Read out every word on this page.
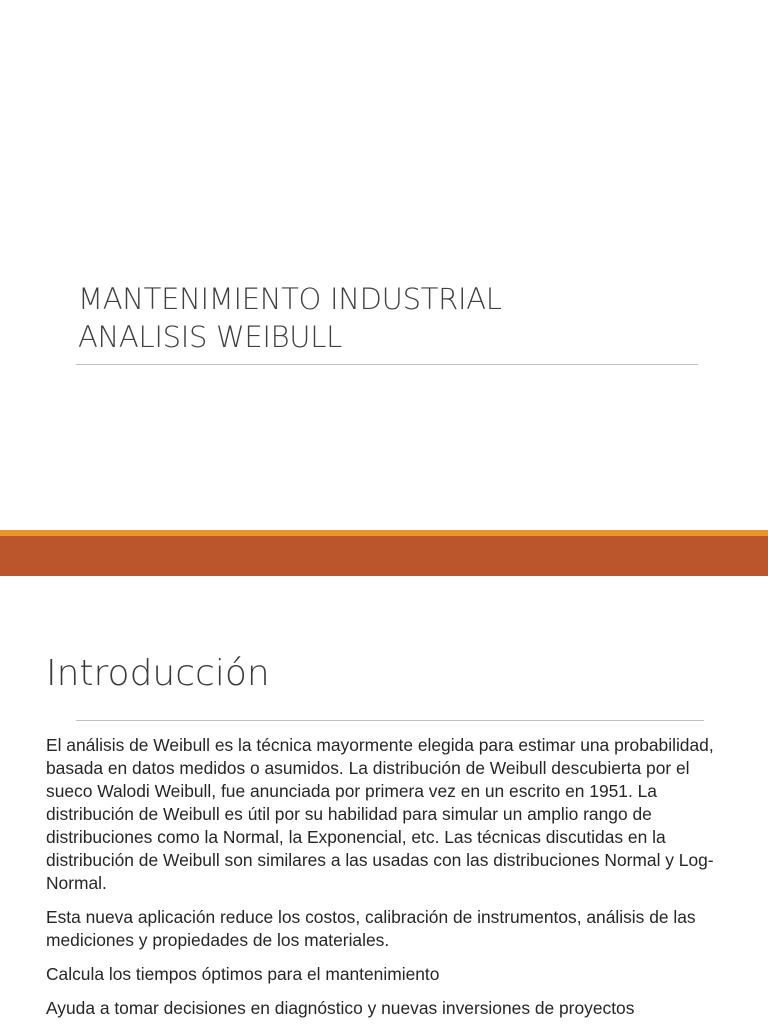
MANTENIMIENTO INDUSTRIAL
ANALISIS WEIBULL
Introducción

El análisis de Weibull es la técnica mayormente elegida para estimar una probabilidad, basada en datos medidos o asumidos. La distribución de Weibull descubierta por el sueco Walodi Weibull, fue anunciada por primera vez en un escrito en 1951. La distribución de Weibull es útil por su habilidad para simular un amplio rango de distribuciones como la Normal, la Exponencial, etc. Las técnicas discutidas en la distribución de Weibull son similares a las usadas con las distribuciones Normal y Log-Normal.

Esta nueva aplicación reduce los costos, calibración de instrumentos, análisis de las mediciones y propiedades de los materiales.

Calcula los tiempos óptimos para el mantenimiento

Ayuda a tomar decisiones en diagnóstico y nuevas inversiones de proyectos
